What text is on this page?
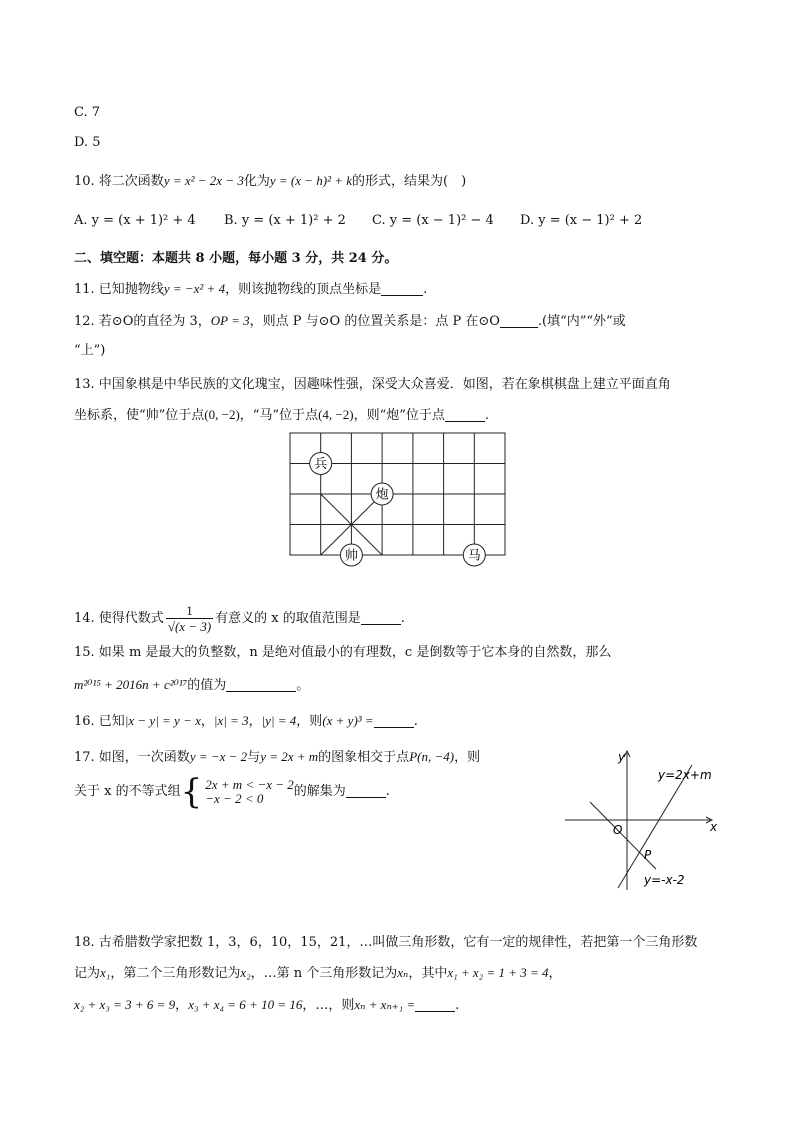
C. 7
D. 5
10. 将二次函数y = x² − 2x − 3化为y = (x − h)² + k的形式，结果为(　)
A. y = (x + 1)² + 4 B. y = (x + 1)² + 2 C. y = (x − 1)² − 4 D. y = (x − 1)² + 2
二、填空题：本题共 8 小题，每小题 3 分，共 24 分。
11. 已知抛物线y = −x² + 4，则该抛物线的顶点坐标是	.
12. 若⊙O的直径为 3，OP = 3，则点 P 与⊙O 的位置关系是：点 P 在⊙O	.(填“内”“外”或
“上”)
13. 中国象棋是中华民族的文化瑰宝，因趣味性强，深受大众喜爱．如图，若在象棋棋盘上建立平面直角
坐标系，使“帅”位于点(0, −2)，“马”位于点(4, −2)，则“炮”位于点	.
兵
炮
帅	马
14. 使得代数式 $\frac{1}{√(x - 3)}$ 有意义的 x 的取值范围是	.
15. 如果 m 是最大的负整数，n 是绝对值最小的有理数，c 是倒数等于它本身的自然数，那么
m²⁰¹⁵ + 2016n + c²⁰¹⁷的值为	。
16. 已知|x − y| = y − x，|x| = 3，|y| = 4，则(x + y)³ =	.
17. 如图，一次函数y = −x − 2与y = 2x + m的图象相交于点P(n, −4)，则
关于 x 的不等式组 { 2x + m < −x − 2
−x − 2 < 0	的解集为	.
y
x
O
P
y=2x+m
y=-x-2
18. 古希腊数学家把数 1，3，6，10，15，21，…叫做三角形数，它有一定的规律性，若把第一个三角形数
记为x₁，第二个三角形数记为x₂，…第 n 个三角形数记为xₙ，其中x₁ + x₂ = 1 + 3 = 4，
x₂ + x₃ = 3 + 6 = 9，x₃ + x₄ = 6 + 10 = 16，…，则xₙ + xₙ₊₁ =	.
